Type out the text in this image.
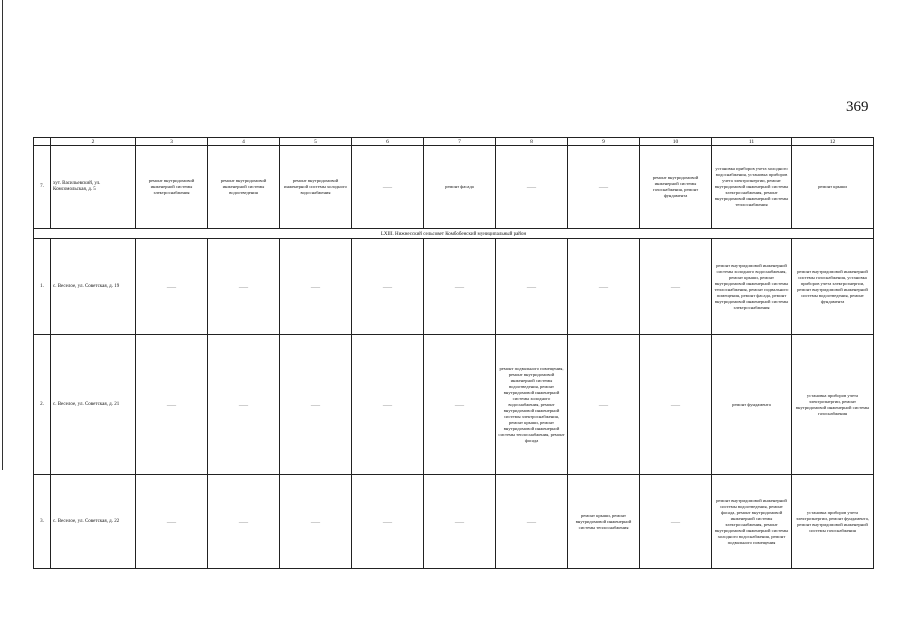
369
	2	3	4	5	6	7	8	9	10	11	12
7.	хут. Васильевский, ул. Комсомольская, д. 5	ремонт внутридомовой инженерной системы электроснабжения	ремонт внутридомовой инженерной системы водоотведения	ремонт внутридомовой инженерной системы холодного водоснабжения	——	ремонт фасада	——	——	ремонт внутридомовой инженерной системы газоснабжения, ремонт фундамента	установка приборов учета холодного водоснабжения, установка приборов учета электроэнергии, ремонт внутридомовой инженерной системы электроснабжения, ремонт внутридомовой инженерной системы теплоснабжения	ремонт крыши
LXIII. Нижнесский сельсовет Комбобенский муниципальный район											
1.	с. Веселое, ул. Советская, д. 19	——	——	——	——	——	——	——	——	ремонт внутридомовой инженерной системы холодного водоснабжения, ремонт крыши, ремонт внутридомовой инженерной системы теплоснабжения, ремонт подвального помещения, ремонт фасада, ремонт внутридомовой инженерной системы электроснабжения	ремонт внутридомовой инженерной системы газоснабжения, установка приборов учета электроэнергии, ремонт внутридомовой инженерной системы водоотведения, ремонт фундамента
2.	с. Веселое, ул. Советская, д. 21	——	——	——	——	——	ремонт подвального помещения, ремонт внутридомовой инженерной системы водоотведения, ремонт внутридомовой инженерной системы холодного водоснабжения, ремонт внутридомовой инженерной системы электроснабжения, ремонт крыши, ремонт внутридомовой инженерной системы теплоснабжения, ремонт фасада	——	——	ремонт фундамента	установка приборов учета электроэнергии, ремонт внутридомовой инженерной системы газоснабжения
3.	с. Веселое, ул. Советская, д. 22	——	——	——	——	——	——	ремонт крыши, ремонт внутридомовой инженерной системы теплоснабжения	——	ремонт внутридомовой инженерной системы водоотведения, ремонт фасада, ремонт внутридомовой инженерной системы электроснабжения, ремонт внутридомовой инженерной системы холодного водоснабжения, ремонт подвального помещения	установка приборов учета электроэнергии, ремонт фундамента, ремонт внутридомовой инженерной системы газоснабжения
